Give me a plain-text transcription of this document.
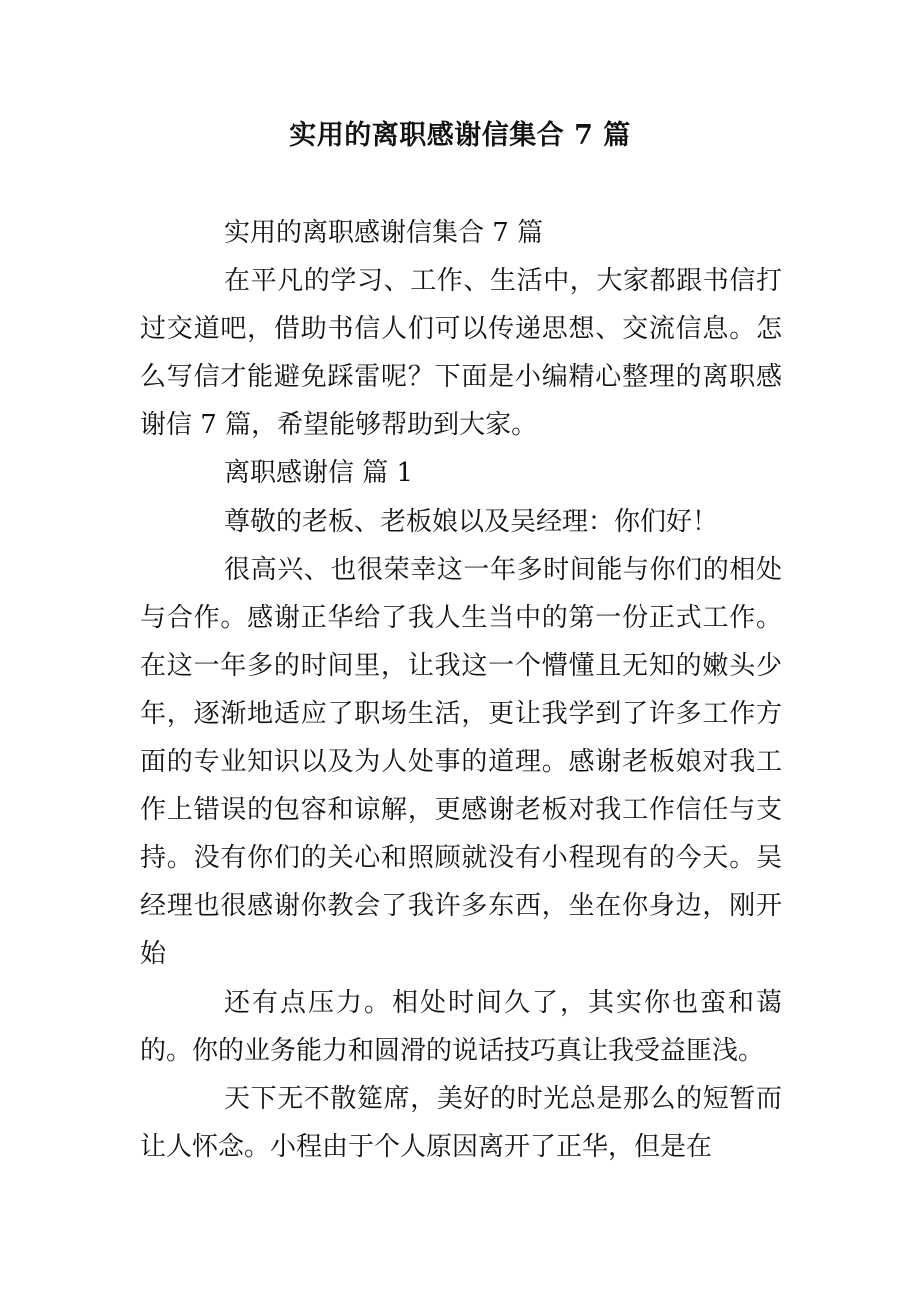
实用的离职感谢信集合 7 篇

实用的离职感谢信集合 7 篇

在平凡的学习、工作、生活中，大家都跟书信打过交道吧，借助书信人们可以传递思想、交流信息。怎么写信才能避免踩雷呢？下面是小编精心整理的离职感谢信 7 篇，希望能够帮助到大家。

离职感谢信 篇 1

尊敬的老板、老板娘以及吴经理：你们好！

很高兴、也很荣幸这一年多时间能与你们的相处与合作。感谢正华给了我人生当中的第一份正式工作。在这一年多的时间里，让我这一个懵懂且无知的嫩头少年，逐渐地适应了职场生活，更让我学到了许多工作方面的专业知识以及为人处事的道理。感谢老板娘对我工作上错误的包容和谅解，更感谢老板对我工作信任与支持。没有你们的关心和照顾就没有小程现有的今天。吴经理也很感谢你教会了我许多东西，坐在你身边，刚开始

还有点压力。相处时间久了，其实你也蛮和蔼的。你的业务能力和圆滑的说话技巧真让我受益匪浅。

天下无不散筵席，美好的时光总是那么的短暂而让人怀念。小程由于个人原因离开了正华，但是在
